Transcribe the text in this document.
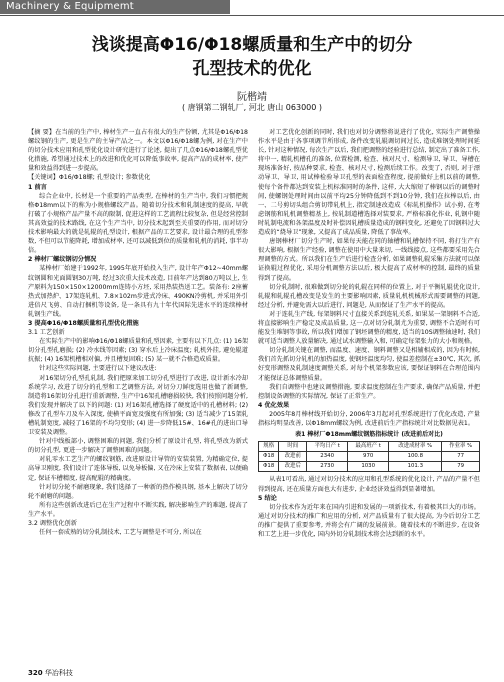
Machinery & Equipmemt
浅谈提高Φ16/Φ18螺质量和生产中的切分
孔型技术的优化
阮楷靖
( 唐钢第二钢轧厂, 河北 唐山 063000 )

【摘 要】在当前的生产中, 棒材生产一直占有很大的生产份额, 尤其是Φ16/Φ18螺纹钢的生产, 更是生产的主导产品之一。本文以Φ16/Φ18螺为例, 对在生产中的切分技术应用和孔型优化设计研究进行了论述, 提出了几点Φ16/Φ18螺孔型优化措施, 希望通过技术上的改进和优化可以降低事故率, 提高产品的成材率, 使产量和效益得到进一步提高。

【关键词】Φ16/Φ18螺; 孔型设计; 参数优化

1 前言

综合企业中, 长材是一个重要的产品类型, 在棒材的生产当中, 我们习惯把规格Φ18mm以下的称为小规格螺纹产品。随着切分技术和轧制速度的提高, 早就打破了小规格产品产量不高的限制, 促进这样的工艺流程比较复杂, 但是经营控制其高效益的技术路线, 在这个生产当中, 切分技术起到至关重要的作用, 而对切分技术影响最大的就是轧辊的孔型设计, 根据产品的工艺要求, 设计最合理的孔型参数, 不但可以节能降耗, 增加成材率, 还可以减低到位的质量和轧机的消耗, 事半功倍。

2 棒材厂螺纹钢切分情况

某棒材厂始建于1992年, 1995年底开始投入生产, 设计年产Φ12~40mm螺纹钢圆和光面圆钢30万吨, 经过3次重大技术改造, 目前年产达到80万吨以上, 生产原料为150×150×12000mm连铸小方坯, 采用热装热送工艺。装备有: 2座蓄热式加热炉、17架连轧机、7.8×102m步进式冷床、490KN冷剪机, 并采用外引进倍尺飞剪、自动打捆机等设备, 是一条具有九十年代国际先进水平的连续棒材轧钢生产线。

3 提高Φ16/Φ18螺质量和孔型优化措施

3.1 工艺创新

在实际生产中的影响Φ16/Φ18螺质量和孔型因素, 主要有以下几点: (1) 16架切分孔型孔磨损; (2) 冷水线等因素; (3) 穿水后上冷床温度; 轧机外挂, 避免辊道抗振; (4) 16架机槽相对偏, 并且槽复固难; (5) 某一就不合格造成质量。

针对这些实际问题, 主要进行以下建议改进:

对16架切分孔型孔轧制, 我们把原来加工切分孔型进行了改进, 设计新水冷却系统学习, 改进了切分的孔型和工艺调整方法, 对切分刀鲜度选用也做了新调整, 制造将16架切分孔进行重新调整, 生产中16架孔槽磨损较快, 我们按照问题分析, 我们发现并解决了以下的问题: (1) 对16架孔槽选择了硬度适中的孔槽材料; (2) 修改了孔型车刀及车入深度, 使横平面宽及强度有所加强; (3) 适当减少了15架轧槽轧制宽度, 减轻了16架的不均匀变形; (4) 进一步降低15#、16#孔的进出口导卫安装及调整。

针对中线板部小, 调整困难的问题, 我们分析了原设计孔型, 将孔型改为新式的切分孔型, 更进一步解决了调整困难的问题。

对轧零水工艺生产的螺纹钢筋, 改进原设计导管的安装装置, 为精确定位, 提高导卫刚度, 我们设计了连体导板, 以免导板偏, 又在冷床上安装了数据表, 以便确定, 保证车槽精度, 提高配辊的精确度。

针对切分轮不耐磨现象, 我们选择了一种新的热作模具钢, 基本上解决了切分轮不耐磨的问题。

所有这些创新改进后已在生产过程中不断实践, 解决影响生产的难题, 提高了生产水平。

3.2 调整优化创新

任何一套成熟的切分轧制技术, 工艺与调整是不可分, 所以在

对工艺优化创新的同时, 我们也对切分调整将说进行了优化, 实际生产调整操作水平是由于各事项调节所形成, 备件改变轧辊调切间过长, 造成堆钢处理时间延长, 针对这种情况, 每次生产以后, 我们把调整的经验进行总结, 制定出了准备工作, 将中一, 精轧机槽孔的准备, 位置检测, 检查、核对尺寸、检测导卫, 导卫、导槽在现场准备好, 按品种要求, 检查、核对尺寸, 检测后续工作。改变了, 否则, 对于漂动导卫、导卫, 用试棒检验导卫孔型的表面检查程度, 提前做好上机以前的调整, 使每个备件都达到安装上机标准同时的条件, 这样, 大大缩短了棒钢以后的调整时间, 使螺钢处理时间由以前平均25分钟降低到不到10分钟, 我们在拉棒以后, 由一、二号剪切头组合剪切带轧机上, 指定制速改造成《标轧机操作》试小剪, 在考虑钢筋和轧机调整精基上, 按轧制道槽选择对装要求, 严格标准化作业, 轧钢中随时轧制电流和各架温度及时补偿因轧槽质量造成的钢料变化, 还避免了因钢料过大造成的“烧导卫”现象, 又提高了成品质量, 降低了事故率。

唐钢棒材厂切分生产时, 如果每天能在同的轴槽和轧槽保持不同, 将打生产有很大影响, 根据生产经验, 调整在使用中大量来切, 一线线接点, 这些都要采用先合理调整的方式。所以我们在生产后进行检查分析, 如果调整轧辊采集方法就可以保证换辊过程优化, 采用分机调整方法以后, 极大提高了成材率的控制, 最终的质量得到了提高。

切分轧制时, 很难做到切分轮的轧辊在同样的位置上, 对于平衡轧辊优化设计, 轧辊和轧辊孔槽改变是发生的主要影响因素, 质量轧机机械形式需要调整的问题, 经过分析, 并避免需大以后进行, 问题是, 从而保证了生产水平的提高。

对于连轧生产线, 每架钢料尺寸直接关系到连轧关系, 如果某一架钢料不合适, 将直接影响生产稳定及成品质量, 这一点对切分轧制尤为重要, 调整不合适时有可能发生堆钢等事故, 所以我们增加了钢坯调整的精度, 适当的10S调整轴速时, 我们就可适当调整人放量解决, 通过试水调整输入和, 可确定每架张力的大小和规格。

切分轧制关键在调整, 而温度、速度、钢料调整又是相辅相成的, 因为有时候, 我们首先抓切分轧机的加热温度, 使钢坯温度均匀, 使温差控制在±30℃, 其次, 抓好变形调整及轧制速度调整关系, 对每个机架参数应该, 要保证钢料在合理范围内才能保证总体调整质量。

我们自调整中也建议调整措施, 要求温度控制在生产要求, 确保产品质量, 并把控制设备调整的实际情况, 保证了正常生产。

4 优化效果

2005年8月棒材线开始切分, 2006年3月起对孔型系统进行了优化改造, 产量指标均明显改善, 以Φ18mm螺纹为例, 改进前后生产指标统计对比数据见表1。

表1 棒材厂Φ18mm螺纹钢筋指标统计 (改进前后对比)
规格	时间	平均日产 t	最高班产 t	改进成材率 %	作业率 %
Φ18	改进前	2340	970	100.8	77
Φ18	改进后	2730	1030	101.3	79

从表1可看出, 通过对切分技术的应用和孔型系统的优化设计, 产品的产量不但得到提高, 还在质量方面也大有进步, 企业经济效益得到显著增加。

5 结论

切分技术作为近年来在国内引进和发展的一项新技术, 有着极其巨大的市场。通过对切分技术的推广和应用的分析, 对产品质量有了很大提高, 为今后切分工艺的推广提供了重要参考, 并将会有广阔的发展前景。随着技术的不断进步, 在设备和工艺上进一步优化, 国内外切分轧制技术将会达到新的水平。

320 华冶科技
